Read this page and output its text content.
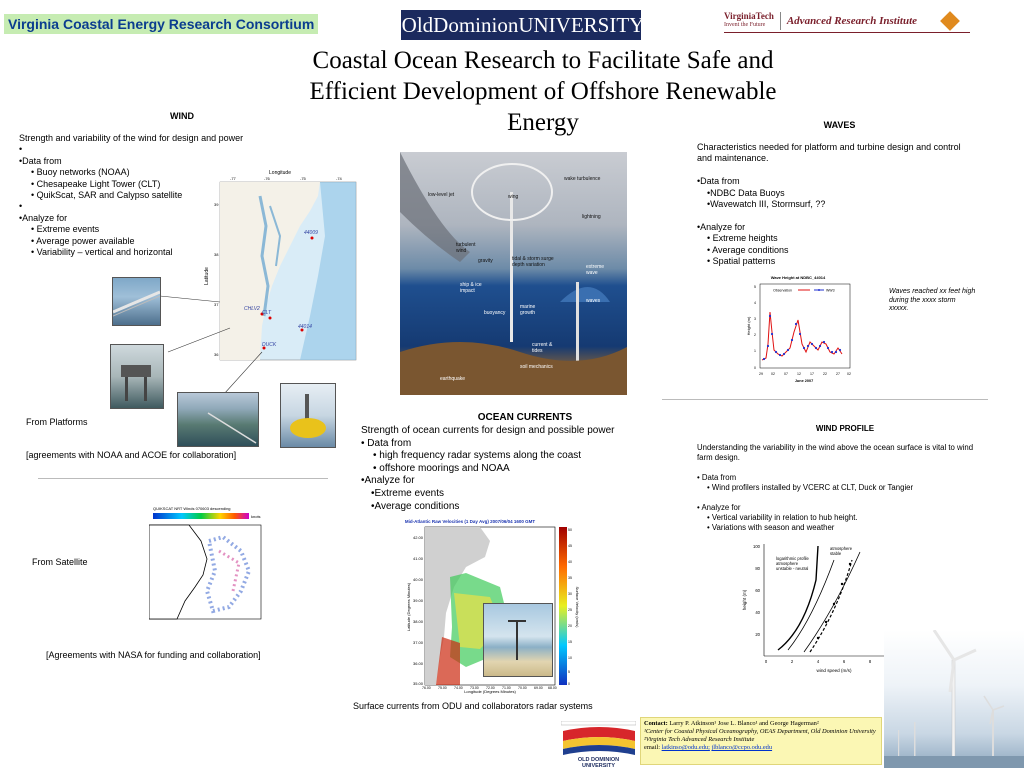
Virginia Coastal Energy Research Consortium	OldDominionUNIVERSITY	VirginiaTech
Invent the Future	Advanced Research Institute
Coastal Ocean Research to Facilitate Safe and
Efficient Development of Offshore Renewable
Energy
WIND
Strength and variability of the wind for design and power
•
•Data from
• Buoy networks (NOAA)
• Chesapeake Light Tower (CLT)
• QuikScat, SAR and Calypso satellite
•
•Analyze for
• Extreme events
• Average power available
• Variability – vertical and horizontal
Longitude
Latitude
-77	-76	-75	-74
39
38
37
36
44009
CHLV2
CLT
44014
DUCK
From Platforms
[agreements with NOAA and ACOE for collaboration]
QUIKSCAT NRT Winds 070603 descending
knots
From Satellite
[Agreements with NASA for funding and collaboration]
wake turbulence
low-level jet	wing
lightning
turbulent wind
gravity	tidal & storm surge depth variation	extreme wave
ship & ice impact
buoyancy
marine growth
waves
current & tides
soil mechanics
earthquake
OCEAN CURRENTS
Strength of ocean currents for design and possible power
• Data from
• high frequency radar systems along the coast
• offshore moorings and NOAA
•Analyze for
•Extreme events
•Average conditions
Mid-Atlantic Raw Velocities (1 Day Avg) 2007/06/04 1600 GMT
Latitude (Degrees Minutes)
Longitude (Degrees Minutes)
Surface Velocity (cm/s)
42.00
41.00
40.00
39.00
38.00
37.00
36.00
35.00
76.00 75.00 74.00 73.00 72.00 71.00 70.00 69.00 68.00
50
45
40
35
30
25
20
15
10
5
0
Surface currents from ODU and collaborators radar systems
WAVES
Characteristics needed for platform and turbine design and control
and maintenance.
•Data from
•NDBC Data Buoys
•Wavewatch III, Stormsurf, ??
•Analyze for
• Extreme heights
• Average conditions
• Spatial patterns
Wave Height at NDBC_44014
Observation	WW3
Height (m)
June 2007
5
4
3
2
1
0
29 02	07	12	17	22	27 02
Waves reached xx feet high
during the xxxx storm
xxxxx.
WIND PROFILE
Understanding the variability in the wind above the ocean surface is vital to wind
farm design.
• Data from
• Wind profilers installed by VCERC at CLT, Duck or Tangier
• Analyze for
• Vertical variability in relation to hub height.
• Variations with season and weather
logarithmic profile
atmosphere
unstable - neutral
atmosphere
stable
height (m)
wind speed (m/s)
100
80
60
40
20
0	2	4	6	8
OLD DOMINION UNIVERSITY
Contact: Larry P. Atkinson¹ Jose L. Blanco¹ and George Hagerman²
¹Center for Coastal Physical Oceanography, OEAS Department, Old Dominion University
²Virginia Tech Advanced Research Institute
email: latkinso@odu.edu; jlblanco@ccpo.odu.edu
